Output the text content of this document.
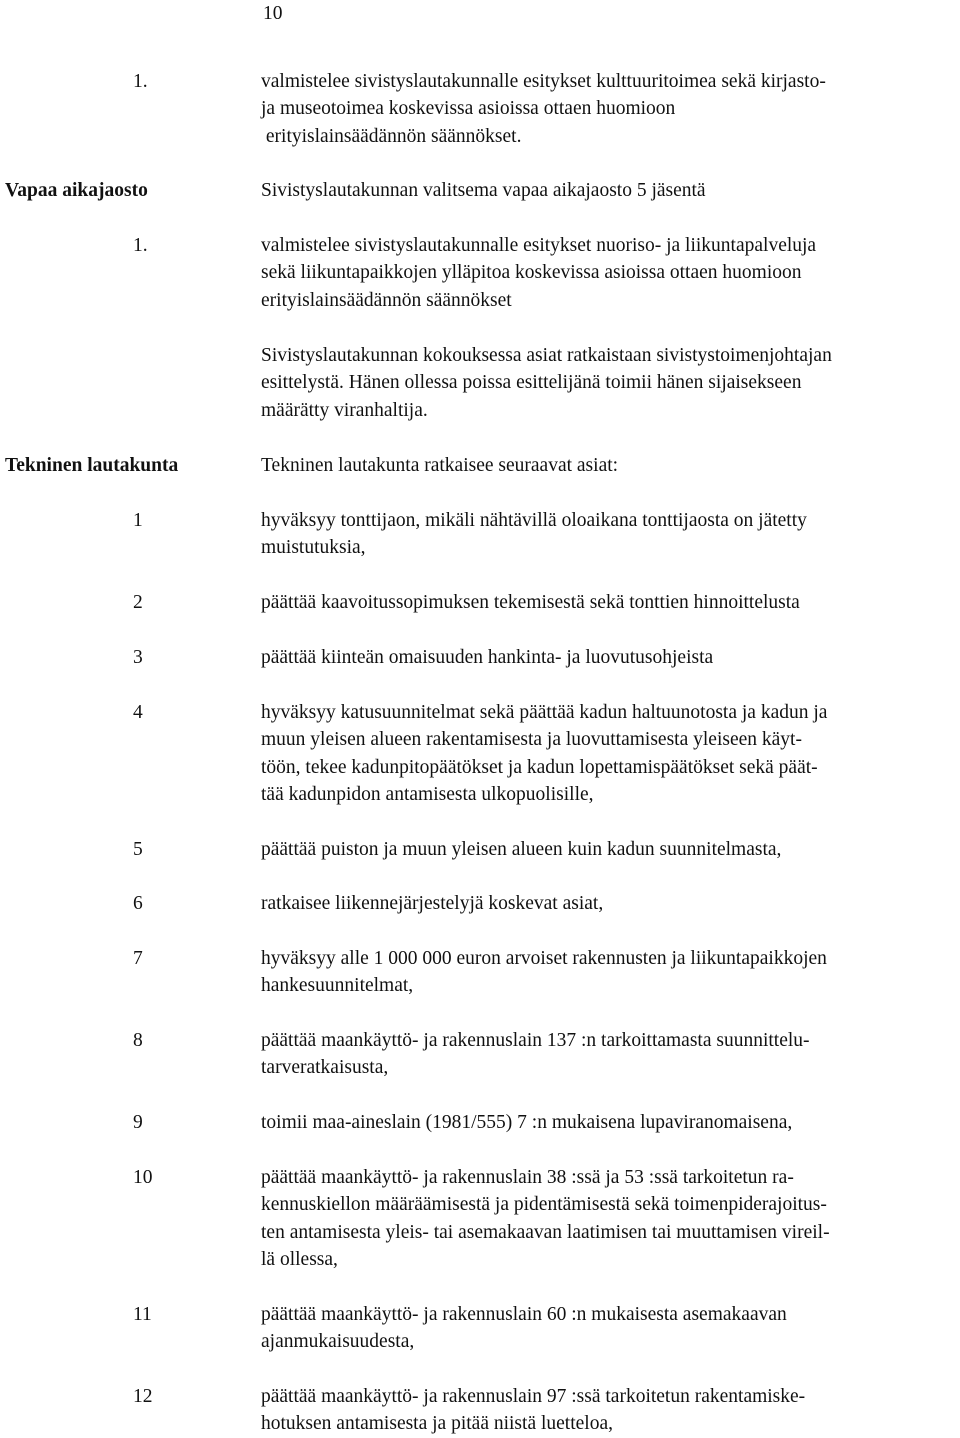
10
1.	valmistelee sivistyslautakunnalle esitykset kulttuuritoimea sekä kirjasto-
ja museotoimea koskevissa asioissa ottaen huomioon
erityislainsäädännön säännökset.
Vapaa aikajaosto	Sivistyslautakunnan valitsema vapaa aikajaosto 5 jäsentä
1.	valmistelee sivistyslautakunnalle esitykset nuoriso- ja liikuntapalveluja
sekä liikuntapaikkojen ylläpitoa koskevissa asioissa ottaen huomioon
erityislainsäädännön säännökset
Sivistyslautakunnan kokouksessa asiat ratkaistaan sivistystoimenjohtajan
esittelystä. Hänen ollessa poissa esittelijänä toimii hänen sijaisekseen
määrätty viranhaltija.
Tekninen lautakunta	Tekninen lautakunta ratkaisee seuraavat asiat:
1	hyväksyy tonttijaon, mikäli nähtävillä oloaikana tonttijaosta on jätetty
muistutuksia,
2	päättää kaavoitussopimuksen tekemisestä sekä tonttien hinnoittelusta
3	päättää kiinteän omaisuuden hankinta- ja luovutusohjeista
4	hyväksyy katusuunnitelmat sekä päättää kadun haltuunotosta ja kadun ja
muun yleisen alueen rakentamisesta ja luovuttamisesta yleiseen käyt-
töön, tekee kadunpitopäätökset ja kadun lopettamispäätökset sekä päät-
tää kadunpidon antamisesta ulkopuolisille,
5	päättää puiston ja muun yleisen alueen kuin kadun suunnitelmasta,
6	ratkaisee liikennejärjestelyjä koskevat asiat,
7	hyväksyy alle 1 000 000 euron arvoiset rakennusten ja liikuntapaikkojen
hankesuunnitelmat,
8	päättää maankäyttö- ja rakennuslain 137 :n tarkoittamasta suunnittelu-
tarveratkaisusta,
9	toimii maa-aineslain (1981/555) 7 :n mukaisena lupaviranomaisena,
10	päättää maankäyttö- ja rakennuslain 38 :ssä ja 53 :ssä tarkoitetun ra-
kennuskiellon määräämisestä ja pidentämisestä sekä toimenpiderajoitus-
ten antamisesta yleis- tai asemakaavan laatimisen tai muuttamisen vireil-
lä ollessa,
11	päättää maankäyttö- ja rakennuslain 60 :n mukaisesta asemakaavan
ajanmukaisuudesta,
12	päättää maankäyttö- ja rakennuslain 97 :ssä tarkoitetun rakentamiske-
hotuksen antamisesta ja pitää niistä luetteloa,
